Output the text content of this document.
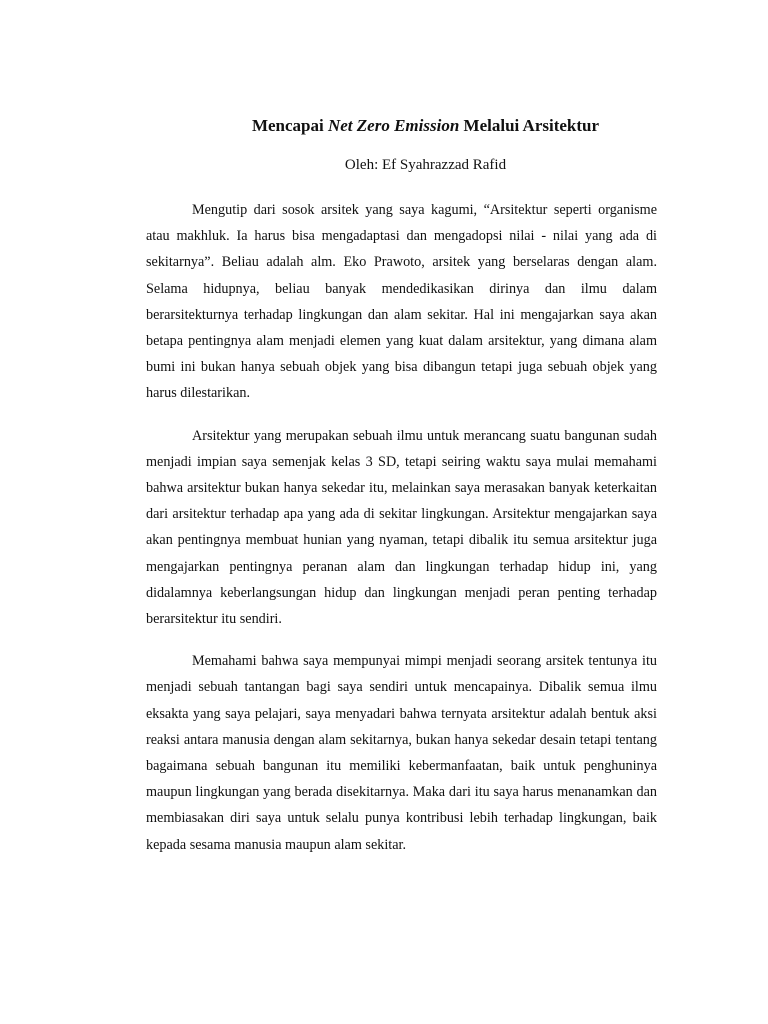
Mencapai Net Zero Emission Melalui Arsitektur
Oleh: Ef Syahrazzad Rafid

Mengutip dari sosok arsitek yang saya kagumi, “Arsitektur seperti organisme atau makhluk. Ia harus bisa mengadaptasi dan mengadopsi nilai - nilai yang ada di sekitarnya”. Beliau adalah alm. Eko Prawoto, arsitek yang berselaras dengan alam. Selama hidupnya, beliau banyak mendedikasikan dirinya dan ilmu dalam berarsitekturnya terhadap lingkungan dan alam sekitar. Hal ini mengajarkan saya akan betapa pentingnya alam menjadi elemen yang kuat dalam arsitektur, yang dimana alam bumi ini bukan hanya sebuah objek yang bisa dibangun tetapi juga sebuah objek yang harus dilestarikan.

Arsitektur yang merupakan sebuah ilmu untuk merancang suatu bangunan sudah menjadi impian saya semenjak kelas 3 SD, tetapi seiring waktu saya mulai memahami bahwa arsitektur bukan hanya sekedar itu, melainkan saya merasakan banyak keterkaitan dari arsitektur terhadap apa yang ada di sekitar lingkungan. Arsitektur mengajarkan saya akan pentingnya membuat hunian yang nyaman, tetapi dibalik itu semua arsitektur juga mengajarkan pentingnya peranan alam dan lingkungan terhadap hidup ini, yang didalamnya keberlangsungan hidup dan lingkungan menjadi peran penting terhadap berarsitektur itu sendiri.

Memahami bahwa saya mempunyai mimpi menjadi seorang arsitek tentunya itu menjadi sebuah tantangan bagi saya sendiri untuk mencapainya. Dibalik semua ilmu eksakta yang saya pelajari, saya menyadari bahwa ternyata arsitektur adalah bentuk aksi reaksi antara manusia dengan alam sekitarnya, bukan hanya sekedar desain tetapi tentang bagaimana sebuah bangunan itu memiliki kebermanfaatan, baik untuk penghuninya maupun lingkungan yang berada disekitarnya. Maka dari itu saya harus menanamkan dan membiasakan diri saya untuk selalu punya kontribusi lebih terhadap lingkungan, baik kepada sesama manusia maupun alam sekitar.
